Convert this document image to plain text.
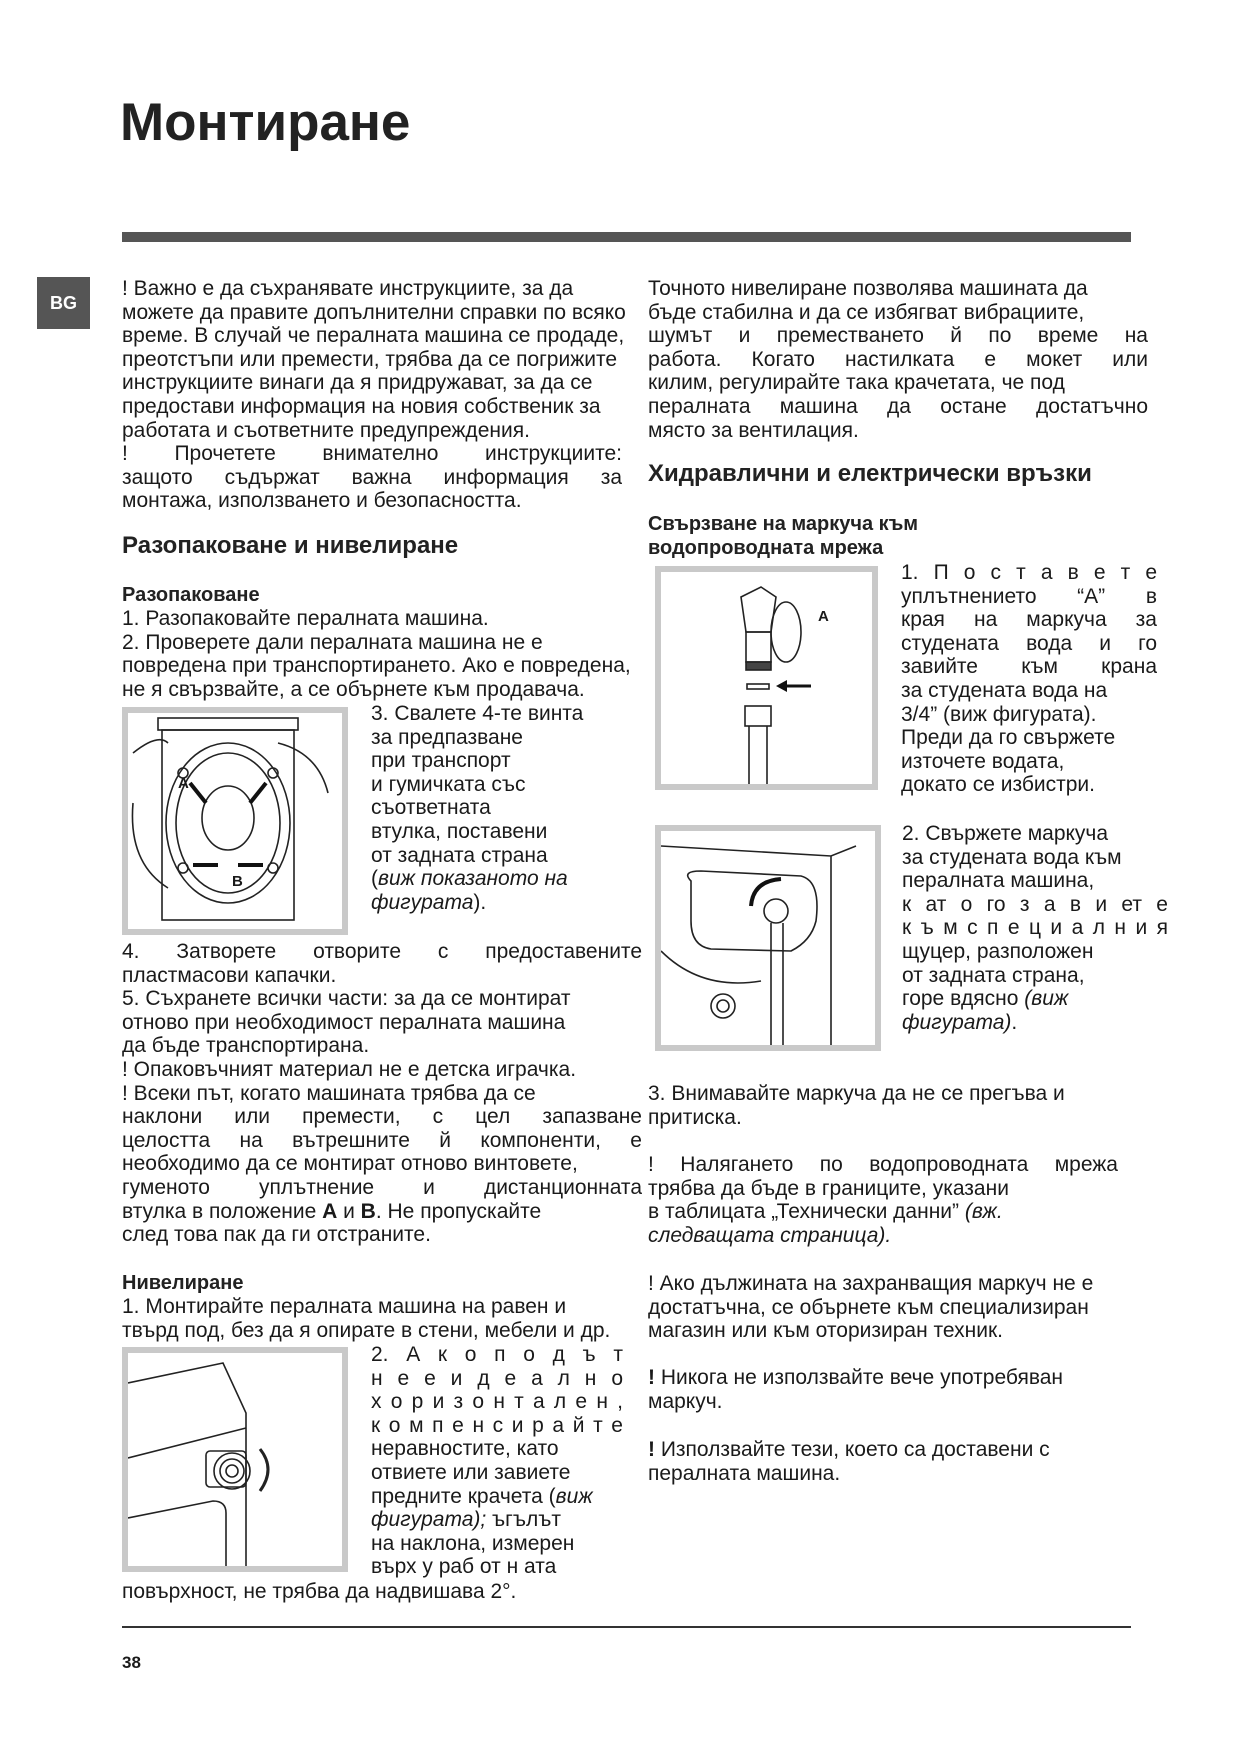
Монтиране
BG
! Важно е да съхранявате инструкциите, за да
можете да правите допълнителни справки по всяко
време. В случай че пералната машина се продаде,
преотстъпи или премести, трябва да се погрижите
инструкциите винаги да я придружават, за да се
предостави информация на новия собственик за
работата и съответните предупреждения.
! Прочетете внимателно инструкциите:
защото съдържат важна информация за
монтажа, използването и безопасността.
Разопаковане и нивелиране
Разопаковане
1. Разопаковайте пералната машина.
2. Проверете дали пералната машина не е
повредена при транспортирането. Ако е повредена,
не я свързвайте, а се обърнете към продавача.
A
B
3. Свалете 4-те винта
за предпазване
при транспорт
и гумичката със
съответната
втулка, поставени
от задната страна
(виж показаното на
фигурата).
4. Затворете отворите с предоставените
пластмасови капачки.
5. Съхранете всички части: за да се монтират
отново при необходимост пералната машина
да бъде транспортирана.
! Опаковъчният материал не е детска играчка.
! Всеки път, когато машината трябва да се
наклони или премести, с цел запазване
целостта на вътрешните й компоненти, е
необходимо да се монтират отново винтовете,
гуменото уплътнение и дистанционната
втулка в положение A и B. Не пропускайте
след това пак да ги отстраните.
Нивелиране
1. Монтирайте пералната машина на равен и
твърд под, без да я опирате в стени, мебели и др.
2. А к о п о д ъ т
н е е и д е а л н о
х о р и з о н т а л е н ,
к о м п е н с и р а й т е
неравностите, като
отвиете или завиете
предните крачета (виж
фигурата); ъгълът
на наклона, измерен
върх у раб от н ата
повърхност, не трябва да надвишава 2°.
Точното нивелиране позволява машината да
бъде стабилна и да се избягват вибрациите,
шумът и преместването й по време на
работа. Когато настилката е мокет или
килим, регулирайте така крачетата, че под
пералната машина да остане достатъчно
място за вентилация.
Хидравлични и електрически връзки
Свързване на маркуча към
водопроводната мрежа
A
1. П о с т а в е т е
уплътнението “A” в
края на маркуча за
студената вода и го
завийте към крана
за студената вода на
3/4” (виж фигурата).
Преди да го свържете
източете водата,
докато се избистри.
2. Свържете маркуча
за студената вода към
пералната машина,
к ат о го з а в и ет е
к ъ м с п е ц и а л н и я
щуцер, разположен
от задната страна,
горе вдясно (виж
фигурата).
3. Внимавайте маркуча да не се прегъва и
притиска.
! Налягането по водопроводната мрежа
трябва да бъде в границите, указани
в таблицата „Технически данни” (вж.
следващата страница).
! Ако дължината на захранващия маркуч не е
достатъчна, се обърнете към специализиран
магазин или към оторизиран техник.
! Никога не използвайте вече употребяван
маркуч.
! Използвайте тези, което са доставени с
пералната машина.
38
